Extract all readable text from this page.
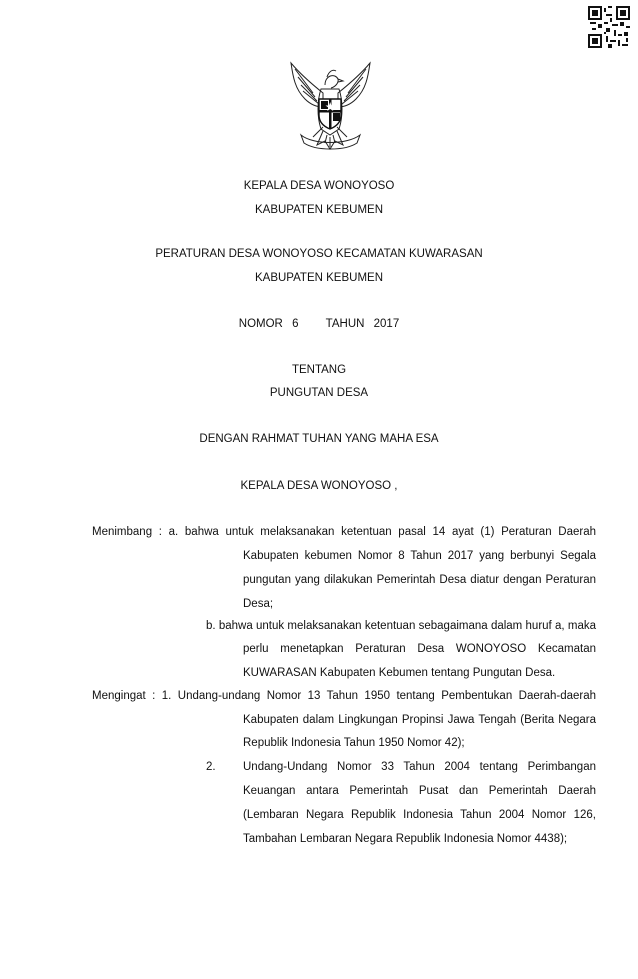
KEPALA DESA WONOYOSO
KABUPATEN KEBUMEN
PERATURAN DESA WONOYOSO KECAMATAN KUWARASAN
KABUPATEN KEBUMEN
NOMOR 6 TAHUN 2017
TENTANG
PUNGUTAN DESA
DENGAN RAHMAT TUHAN YANG MAHA ESA
KEPALA DESA WONOYOSO ,
Menimbang : a. bahwa untuk melaksanakan ketentuan pasal 14 ayat (1) Peraturan Daerah
Kabupaten kebumen Nomor 8 Tahun 2017 yang berbunyi Segala
pungutan yang dilakukan Pemerintah Desa diatur dengan Peraturan
Desa;
b. bahwa untuk melaksanakan ketentuan sebagaimana dalam huruf a, maka
perlu menetapkan Peraturan Desa WONOYOSO Kecamatan
KUWARASAN Kabupaten Kebumen tentang Pungutan Desa.
Mengingat : 1. Undang-undang Nomor 13 Tahun 1950 tentang Pembentukan Daerah-daerah
Kabupaten dalam Lingkungan Propinsi Jawa Tengah (Berita Negara
Republik Indonesia Tahun 1950 Nomor 42);
2. Undang-Undang Nomor 33 Tahun 2004 tentang Perimbangan
Keuangan antara Pemerintah Pusat dan Pemerintah Daerah
(Lembaran Negara Republik Indonesia Tahun 2004 Nomor 126,
Tambahan Lembaran Negara Republik Indonesia Nomor 4438);
